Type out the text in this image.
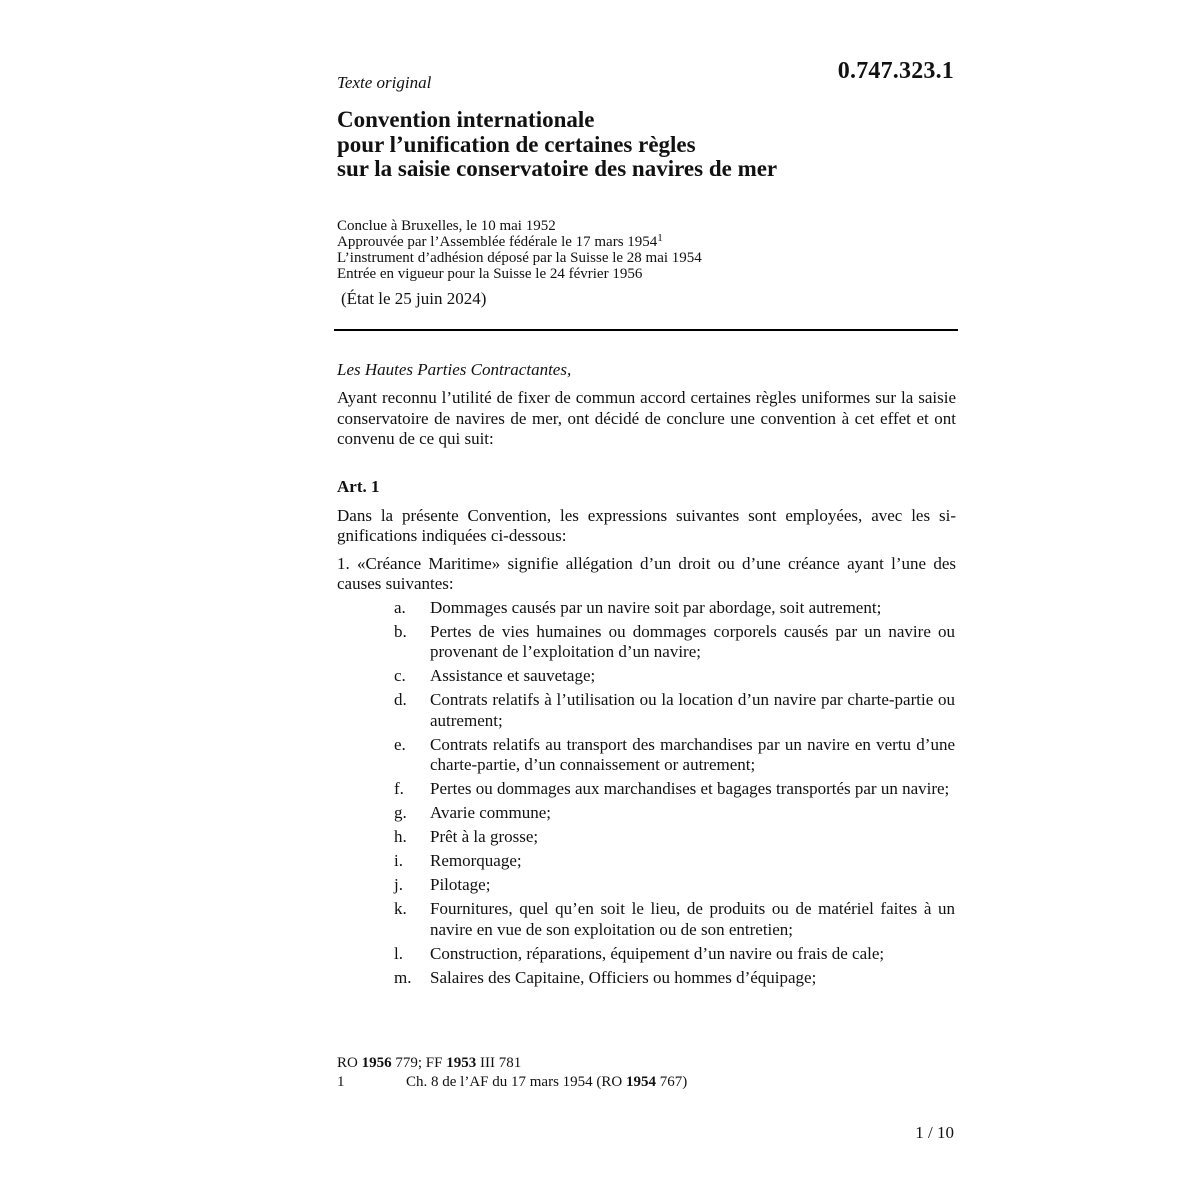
Texte original	0.747.323.1
Convention internationale
pour l’unification de certaines règles
sur la saisie conservatoire des navires de mer
Conclue à Bruxelles, le 10 mai 1952
Approuvée par l’Assemblée fédérale le 17 mars 1954$^1$
L’instrument d’adhésion déposé par la Suisse le 28 mai 1954
Entrée en vigueur pour la Suisse le 24 février 1956
(État le 25 juin 2024)
Les Hautes Parties Contractantes,
Ayant reconnu l’utilité de fixer de commun accord certaines règles uniformes sur la saisie conservatoire de navires de mer, ont décidé de conclure une convention à cet effet et ont convenu de ce qui suit:
Art. 1
Dans la présente Convention, les expressions suivantes sont employées, avec les significations indiquées ci-dessous:
1. «Créance Maritime» signifie allégation d’un droit ou d’une créance ayant l’une des causes suivantes:
a. Dommages causés par un navire soit par abordage, soit autrement;
b. Pertes de vies humaines ou dommages corporels causés par un navire ou provenant de l’exploitation d’un navire;
c. Assistance et sauvetage;
d. Contrats relatifs à l’utilisation ou la location d’un navire par charte-partie ou autrement;
e. Contrats relatifs au transport des marchandises par un navire en vertu d’une charte-partie, d’un connaissement or autrement;
f. Pertes ou dommages aux marchandises et bagages transportés par un navire;
g. Avarie commune;
h. Prêt à la grosse;
i. Remorquage;
j. Pilotage;
k. Fournitures, quel qu’en soit le lieu, de produits ou de matériel faites à un navire en vue de son exploitation ou de son entretien;
l. Construction, réparations, équipement d’un navire ou frais de cale;
m. Salaires des Capitaine, Officiers ou hommes d’équipage;
RO 1956 779; FF 1953 III 781
1	Ch. 8 de l’AF du 17 mars 1954 (RO 1954 767)
1 / 10
